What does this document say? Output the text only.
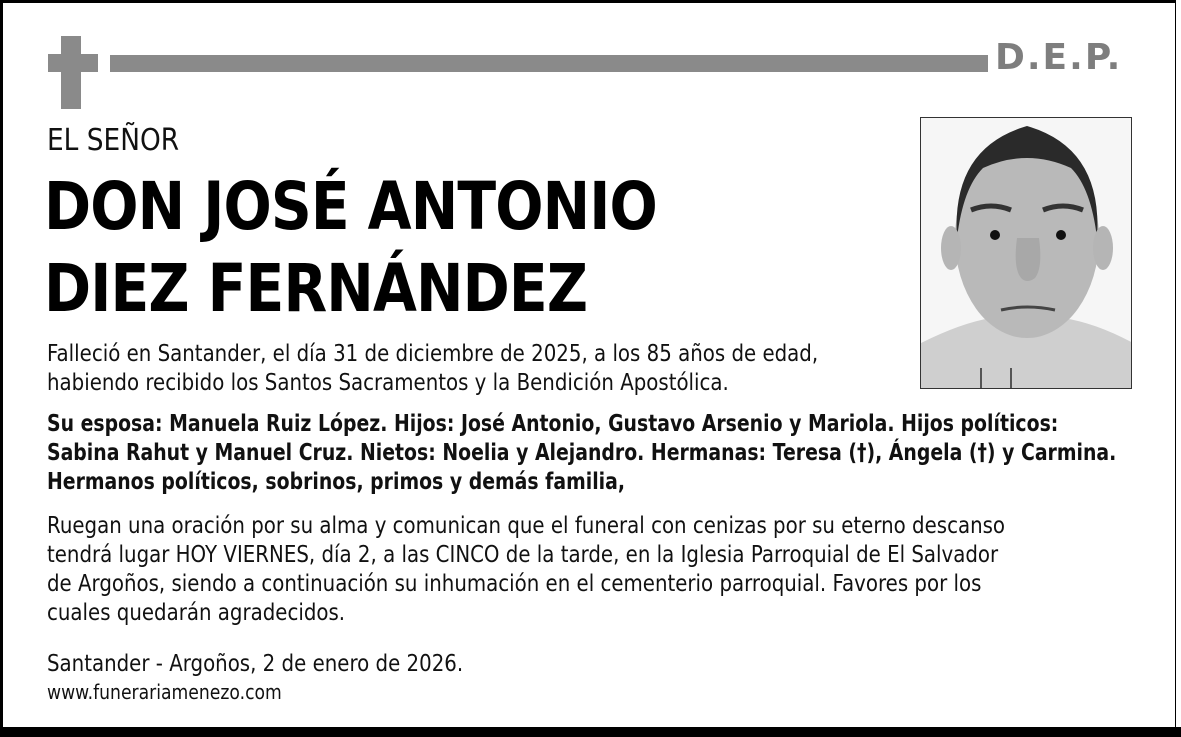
D.E.P.
EL SEÑOR
DON JOSÉ ANTONIO
DIEZ FERNÁNDEZ
Falleció en Santander, el día 31 de diciembre de 2025, a los 85 años de edad,
habiendo recibido los Santos Sacramentos y la Bendición Apostólica.
Su esposa: Manuela Ruiz López. Hijos: José Antonio, Gustavo Arsenio y Mariola. Hijos políticos:
Sabina Rahut y Manuel Cruz. Nietos: Noelia y Alejandro. Hermanas: Teresa (†), Ángela (†) y Carmina.
Hermanos políticos, sobrinos, primos y demás familia,
Ruegan una oración por su alma y comunican que el funeral con cenizas por su eterno descanso
tendrá lugar HOY VIERNES, día 2, a las CINCO de la tarde, en la Iglesia Parroquial de El Salvador
de Argoños, siendo a continuación su inhumación en el cementerio parroquial. Favores por los
cuales quedarán agradecidos.
Santander - Argoños, 2 de enero de 2026.
www.funerariamenezo.com
